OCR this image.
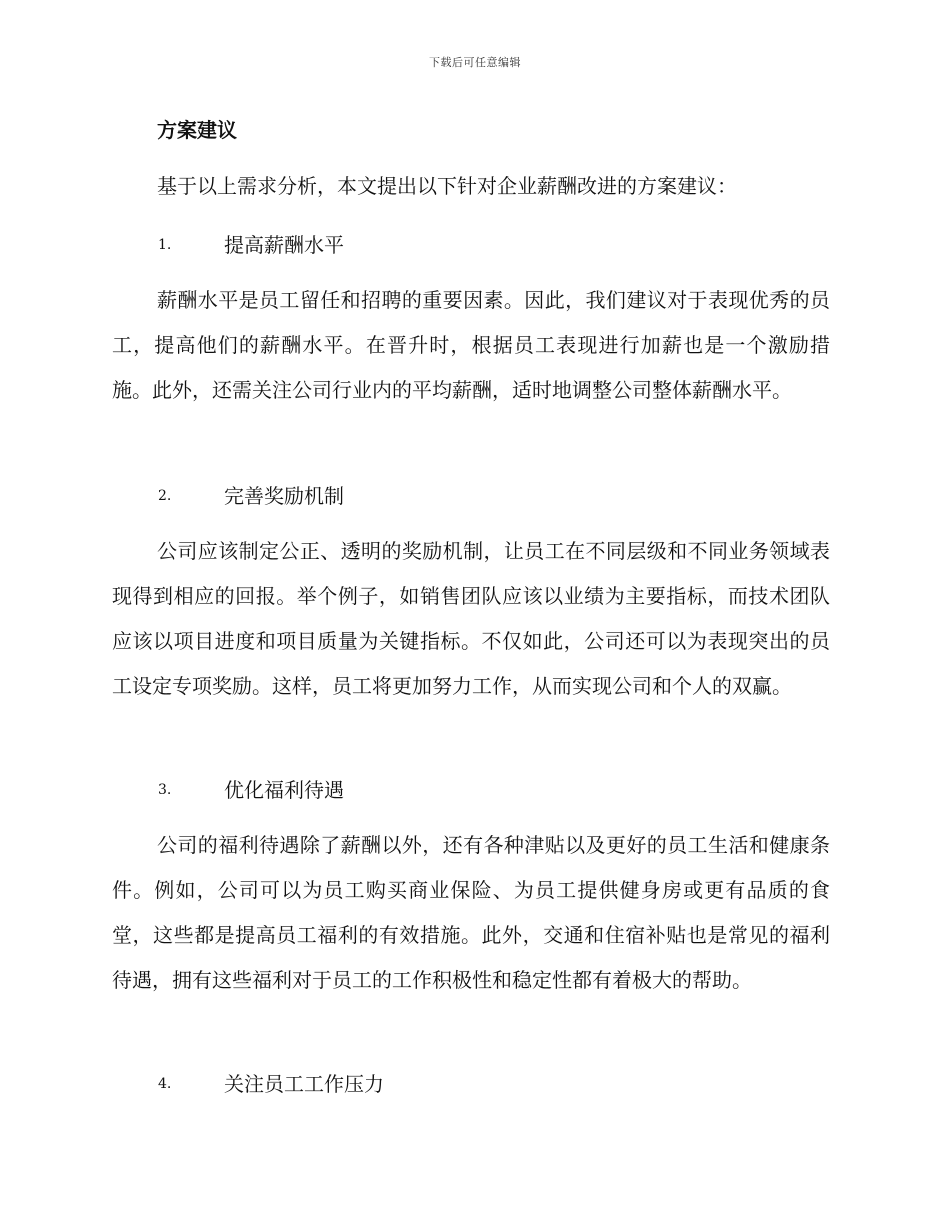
下载后可任意编辑
方案建议
基于以上需求分析，本文提出以下针对企业薪酬改进的方案建议：
1.	提高薪酬水平

薪酬水平是员工留任和招聘的重要因素。因此，我们建议对于表现优秀的员工，提高他们的薪酬水平。在晋升时，根据员工表现进行加薪也是一个激励措施。此外，还需关注公司行业内的平均薪酬，适时地调整公司整体薪酬水平。

2.	完善奖励机制

公司应该制定公正、透明的奖励机制，让员工在不同层级和不同业务领域表现得到相应的回报。举个例子，如销售团队应该以业绩为主要指标，而技术团队应该以项目进度和项目质量为关键指标。不仅如此，公司还可以为表现突出的员工设定专项奖励。这样，员工将更加努力工作，从而实现公司和个人的双赢。

3.	优化福利待遇

公司的福利待遇除了薪酬以外，还有各种津贴以及更好的员工生活和健康条件。例如，公司可以为员工购买商业保险、为员工提供健身房或更有品质的食堂，这些都是提高员工福利的有效措施。此外，交通和住宿补贴也是常见的福利待遇，拥有这些福利对于员工的工作积极性和稳定性都有着极大的帮助。

4.	关注员工工作压力
